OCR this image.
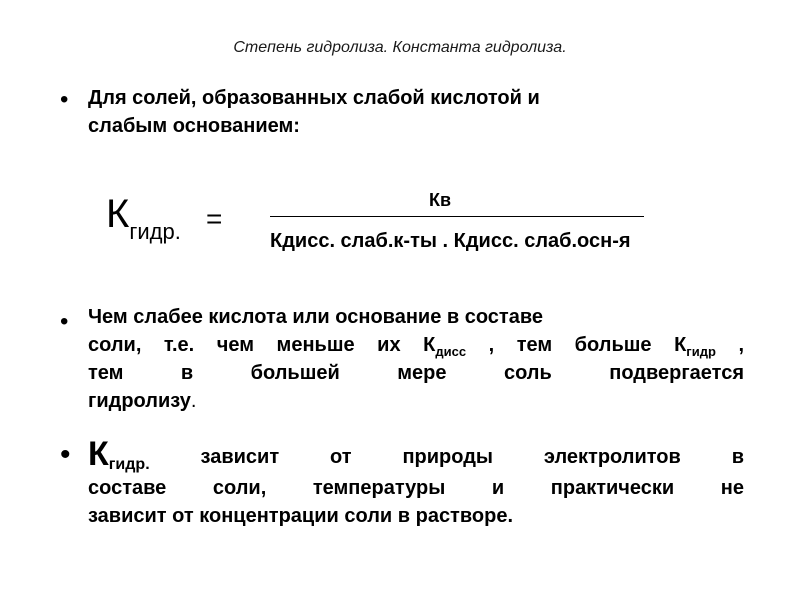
Степень гидролиза. Константа гидролиза.
• Для солей, образованных слабой кислотой и
слабым основанием:
$К_{гидр.}$ =
Кв
Кдисс. слаб.к-ты . Кдисс. слаб.осн-я
• Чем слабее кислота или основание в составе
соли, т.е. чем меньше их $К_{дисс}$ , тем больше $К_{гидр}$ ,
тем в большей мере соль подвергается
гидролизу.
• $К_{гидр.}$ зависит от природы электролитов в
составе соли, температуры и практически не
зависит от концентрации соли в растворе.
